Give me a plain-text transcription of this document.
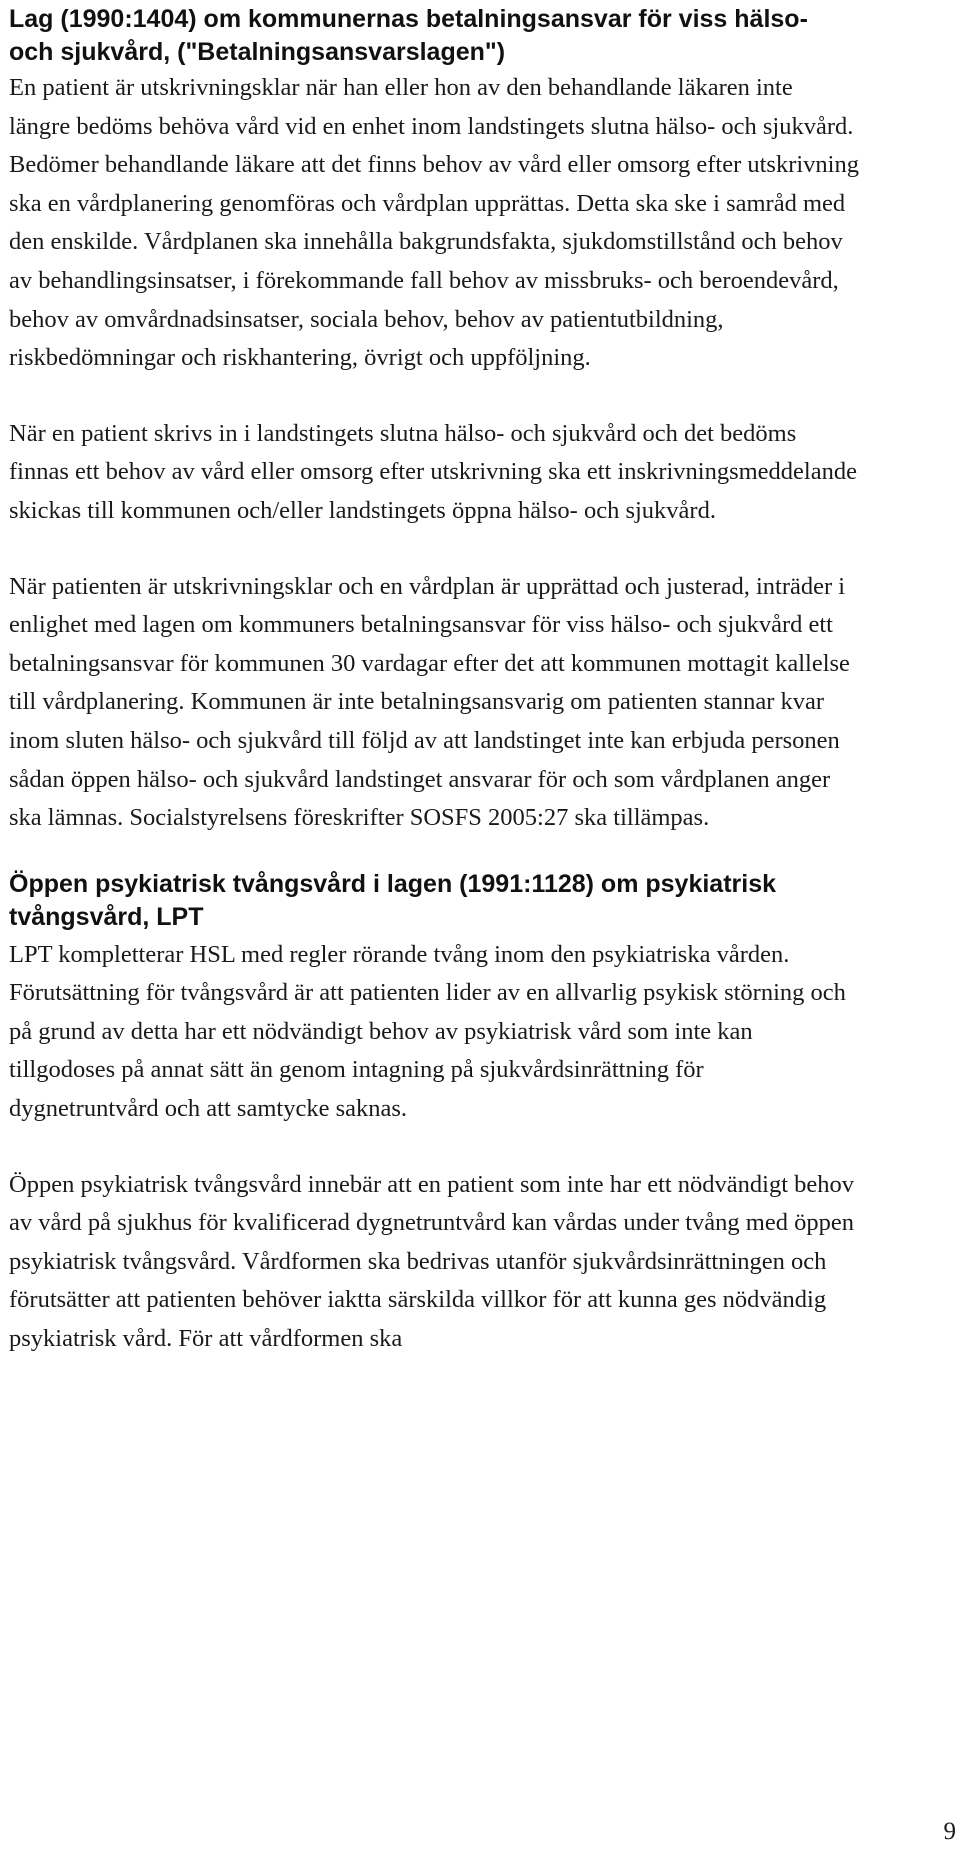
Lag (1990:1404) om kommunernas betalningsansvar för viss hälso- och sjukvård, ("Betalningsansvarslagen")

En patient är utskrivningsklar när han eller hon av den behandlande läkaren inte längre bedöms behöva vård vid en enhet inom landstingets slutna hälso- och sjukvård. Bedömer behandlande läkare att det finns behov av vård eller omsorg efter utskrivning ska en vårdplanering genomföras och vårdplan upprättas. Detta ska ske i samråd med den enskilde. Vårdplanen ska innehålla bakgrundsfakta, sjukdomstillstånd och behov av behandlingsinsatser, i förekommande fall behov av missbruks- och beroendevård, behov av omvårdnadsinsatser, sociala behov, behov av patientutbildning, riskbedömningar och riskhantering, övrigt och uppföljning.

När en patient skrivs in i landstingets slutna hälso- och sjukvård och det bedöms finnas ett behov av vård eller omsorg efter utskrivning ska ett inskrivningsmeddelande skickas till kommunen och/eller landstingets öppna hälso- och sjukvård.

När patienten är utskrivningsklar och en vårdplan är upprättad och justerad, inträder i enlighet med lagen om kommuners betalningsansvar för viss hälso- och sjukvård ett betalningsansvar för kommunen 30 vardagar efter det att kommunen mottagit kallelse till vårdplanering. Kommunen är inte betalningsansvarig om patienten stannar kvar inom sluten hälso- och sjukvård till följd av att landstinget inte kan erbjuda personen sådan öppen hälso- och sjukvård landstinget ansvarar för och som vårdplanen anger ska lämnas. Socialstyrelsens föreskrifter SOSFS 2005:27 ska tillämpas.

Öppen psykiatrisk tvångsvård i lagen (1991:1128) om psykiatrisk tvångsvård, LPT

LPT kompletterar HSL med regler rörande tvång inom den psykiatriska vården. Förutsättning för tvångsvård är att patienten lider av en allvarlig psykisk störning och på grund av detta har ett nödvändigt behov av psykiatrisk vård som inte kan tillgodoses på annat sätt än genom intagning på sjukvårdsinrättning för dygnetruntvård och att samtycke saknas.

Öppen psykiatrisk tvångsvård innebär att en patient som inte har ett nödvändigt behov av vård på sjukhus för kvalificerad dygnetruntvård kan vårdas under tvång med öppen psykiatrisk tvångsvård. Vårdformen ska bedrivas utanför sjukvårdsinrättningen och förutsätter att patienten behöver iaktta särskilda villkor för att kunna ges nödvändig psykiatrisk vård. För att vårdformen ska

9
